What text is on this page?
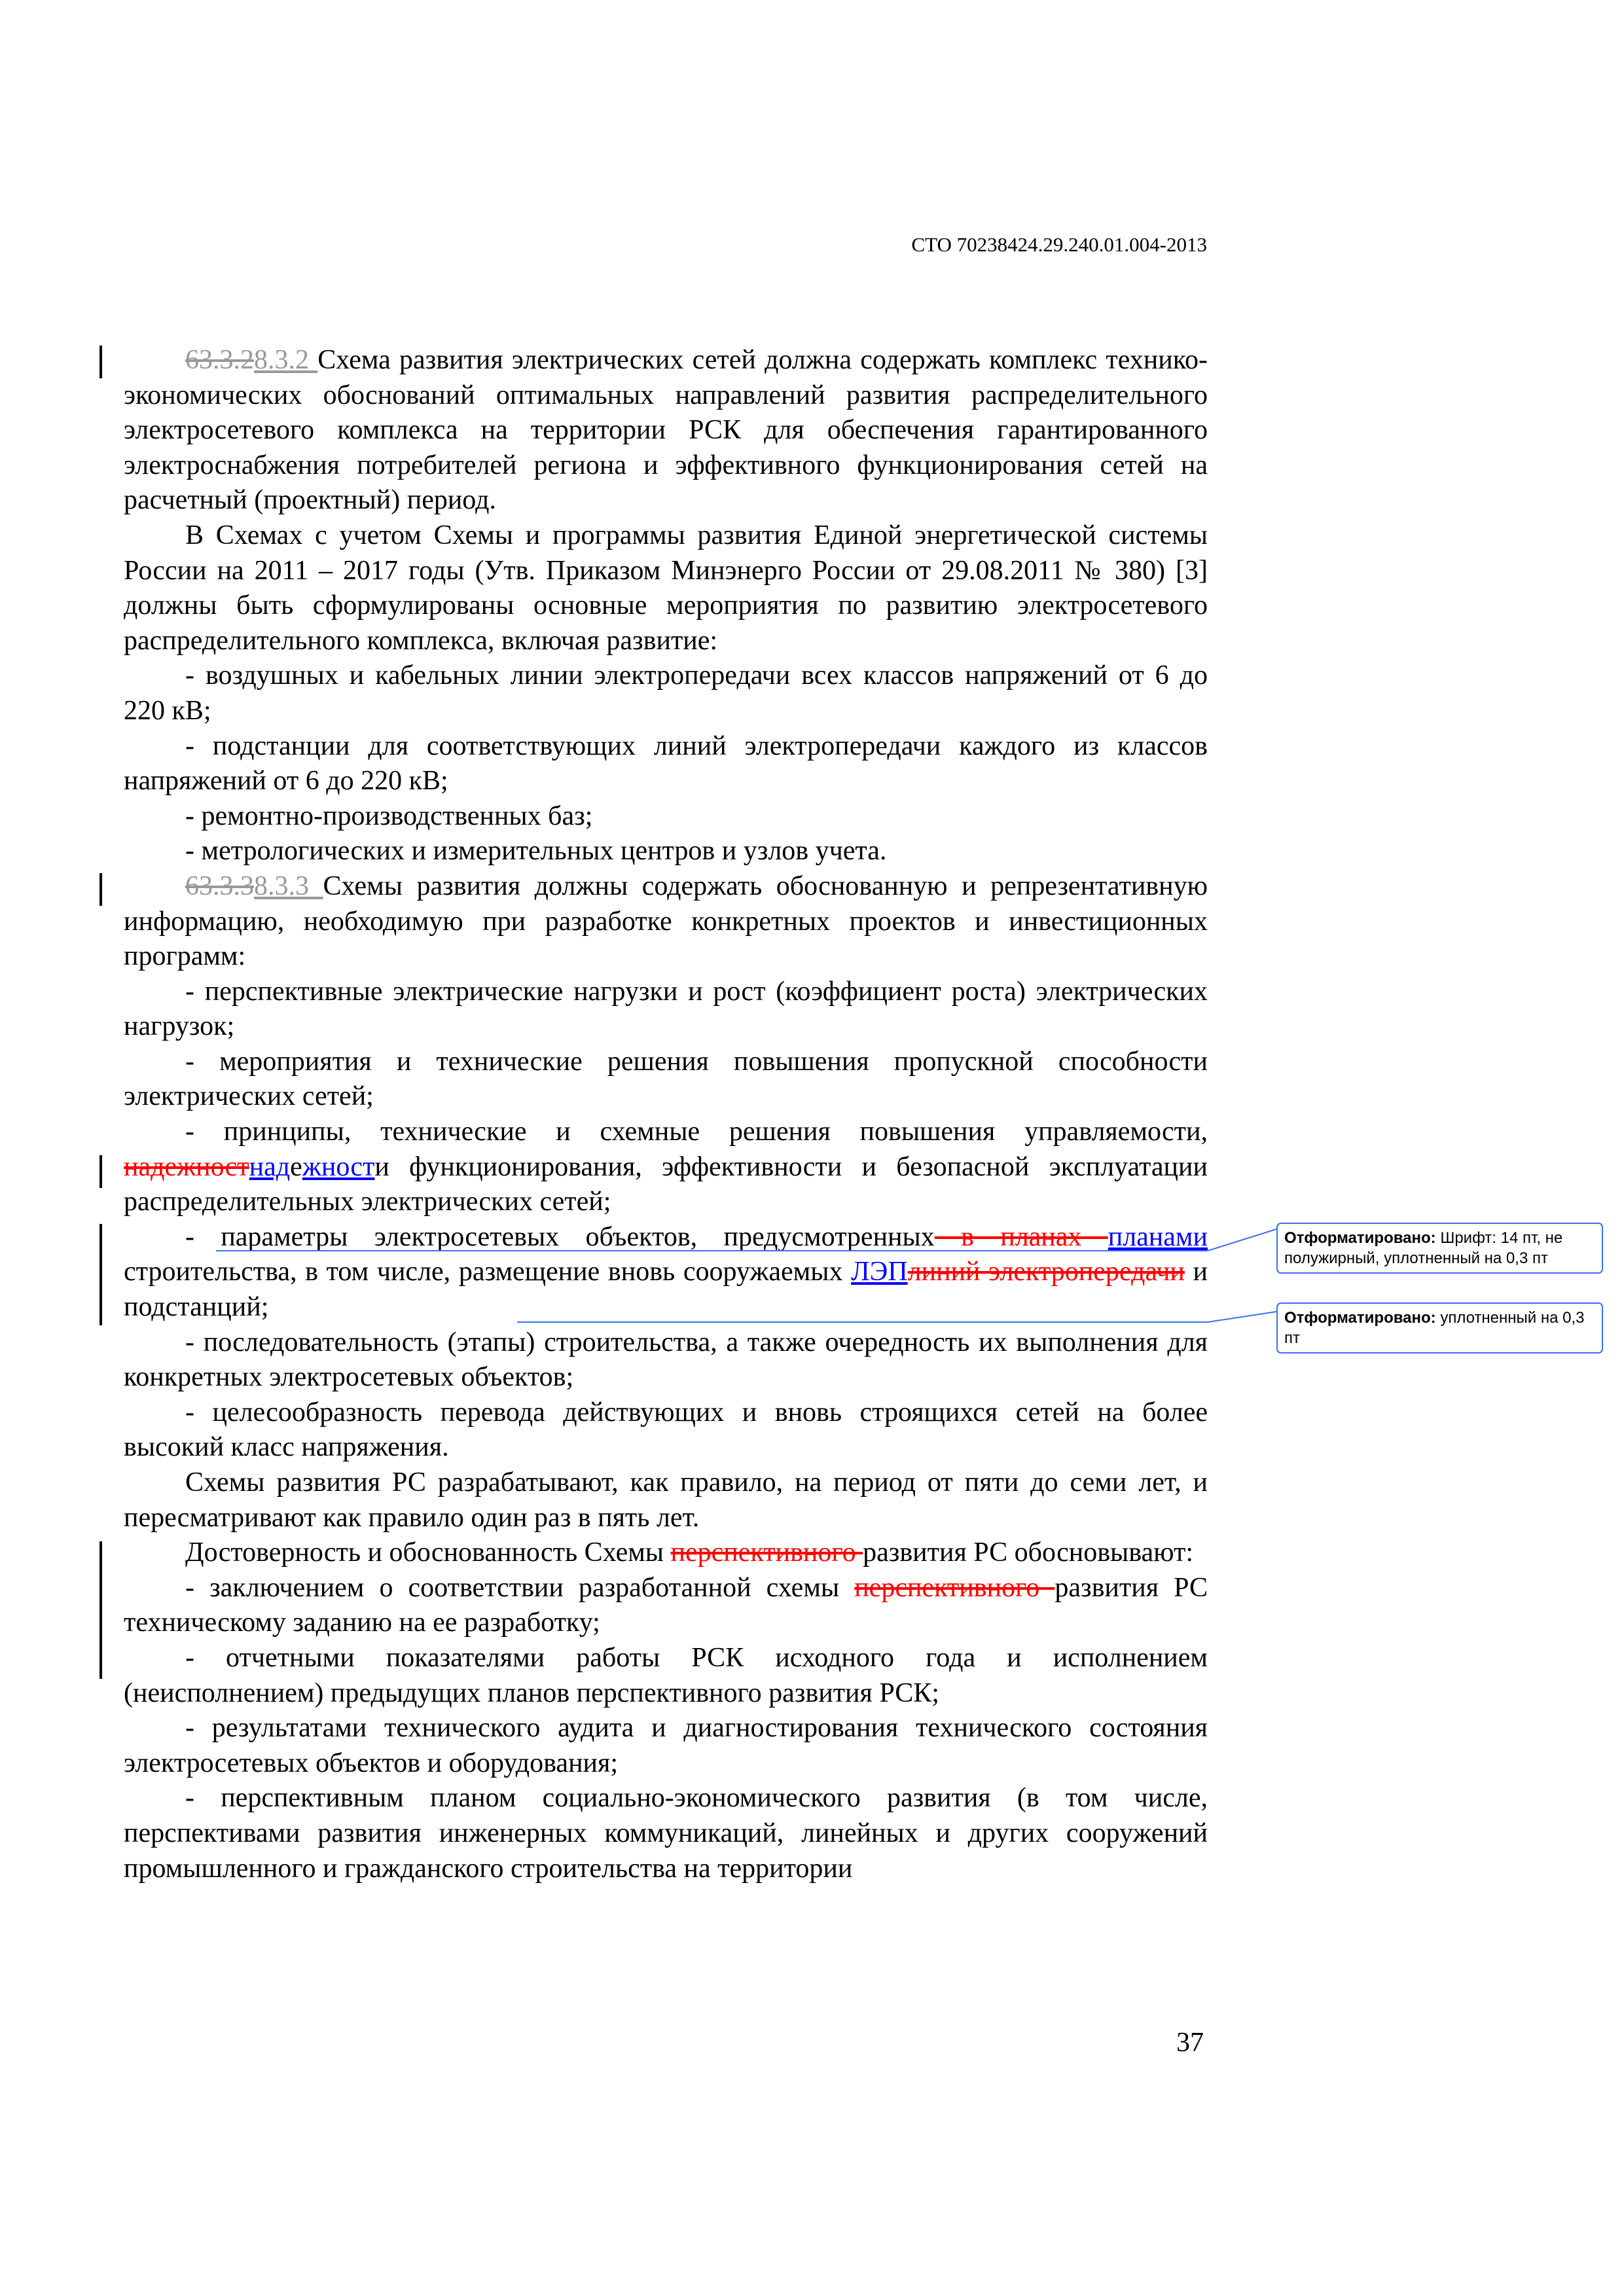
СТО 70238424.29.240.01.004-2013

63.3.28.3.2 Схема развития электрических сетей должна содержать комплекс технико-экономических обоснований оптимальных направлений развития распределительного электросетевого комплекса на территории РСК для обеспечения гарантированного электроснабжения потребителей региона и эффективного функционирования сетей на расчетный (проектный) период.

В Схемах с учетом Схемы и программы развития Единой энергетической системы России на 2011 – 2017 годы (Утв. Приказом Минэнерго России от 29.08.2011 № 380) [3] должны быть сформулированы основные мероприятия по развитию электросетевого распределительного комплекса, включая развитие:

- воздушных и кабельных линии электропередачи всех классов напряжений от 6 до 220 кВ;

- подстанции для соответствующих линий электропередачи каждого из классов напряжений от 6 до 220 кВ;

- ремонтно-производственных баз;

- метрологических и измерительных центров и узлов учета.

63.3.38.3.3 Схемы развития должны содержать обоснованную и репрезентативную информацию, необходимую при разработке конкретных проектов и инвестиционных программ:

- перспективные электрические нагрузки и рост (коэффициент роста) электрических нагрузок;

- мероприятия и технические решения повышения пропускной способности электрических сетей;

- принципы, технические и схемные решения повышения управляемости, надежностнадежности функционирования, эффективности и безопасной эксплуатации распределительных электрических сетей;

- параметры электросетевых объектов, предусмотренных в планах планами строительства, в том числе, размещение вновь сооружаемых ЛЭПлиний электропередачи и подстанций;

- последовательность (этапы) строительства, а также очередность их выполнения для конкретных электросетевых объектов;

- целесообразность перевода действующих и вновь строящихся сетей на более высокий класс напряжения.

Схемы развития РС разрабатывают, как правило, на период от пяти до семи лет, и пересматривают как правило один раз в пять лет.

Достоверность и обоснованность Схемы перспективного развития РС обосновывают:

- заключением о соответствии разработанной схемы перспективного развития РС техническому заданию на ее разработку;

- отчетными показателями работы РСК исходного года и исполнением (неисполнением) предыдущих планов перспективного развития РСК;

- результатами технического аудита и диагностирования технического состояния электросетевых объектов и оборудования;

- перспективным планом социально-экономического развития (в том числе, перспективами развития инженерных коммуникаций, линейных и других сооружений промышленного и гражданского строительства на территории

Отформатировано: Шрифт: 14 пт, не полужирный, уплотненный на 0,3 пт
Отформатировано: уплотненный на 0,3 пт
37
